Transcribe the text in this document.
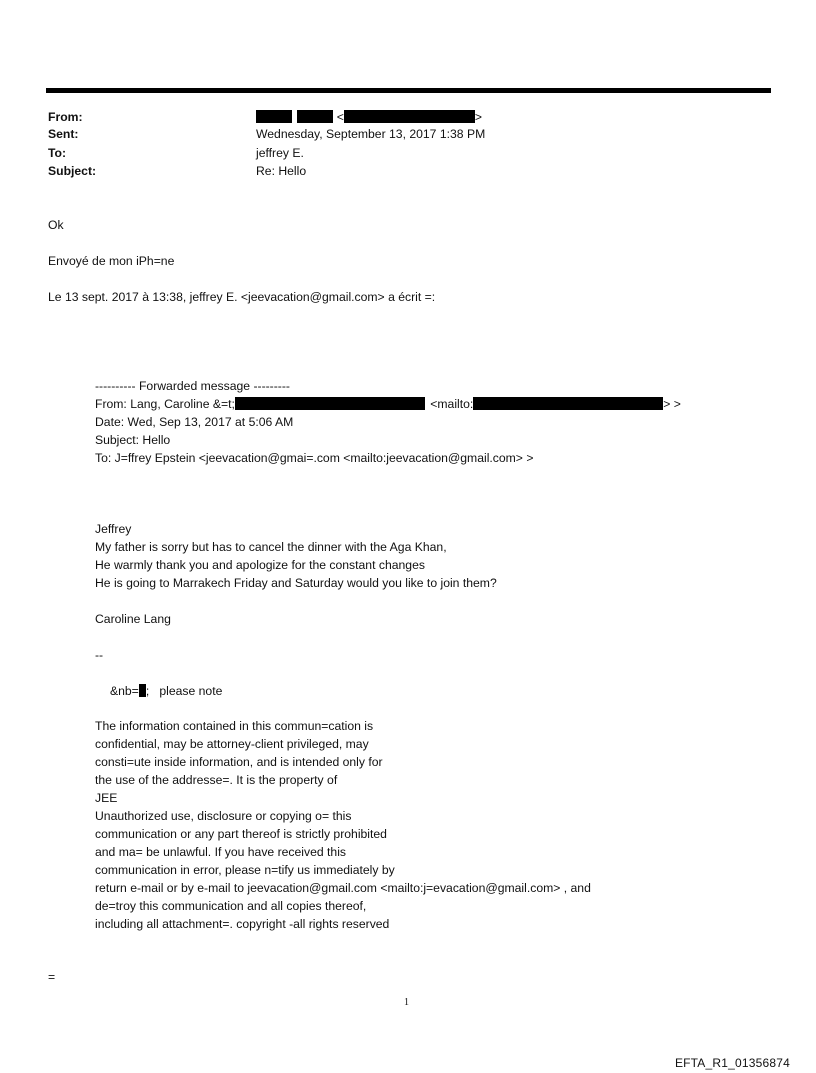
From:	<	>
Sent:	Wednesday, September 13, 2017 1:38 PM
To:	jeffrey E.
Subject:	Re: Hello
Ok
Envoyé de mon iPh=ne
Le 13 sept. 2017 à 13:38, jeffrey E. <jeevacation@gmail.com> a écrit =:
---------- Forwarded message ---------
From: Lang, Caroline &=t;	<mailto:	> >
Date: Wed, Sep 13, 2017 at 5:06 AM
Subject: Hello
To: J=ffrey Epstein <jeevacation@gmai=.com <mailto:jeevacation@gmail.com> >
Jeffrey
My father is sorry but has to cancel the dinner with the Aga Khan,
He warmly thank you and apologize for the constant changes
He is going to Marrakech Friday and Saturday would you like to join them?
Caroline Lang
--
&nb= ;   please note
The information contained in this commun=cation is
confidential, may be attorney-client privileged, may
consti=ute inside information, and is intended only for
the use of the addresse=. It is the property of
JEE
Unauthorized use, disclosure or copying o= this
communication or any part thereof is strictly prohibited
and ma= be unlawful. If you have received this
communication in error, please n=tify us immediately by
return e-mail or by e-mail to jeevacation@gmail.com <mailto:j=evacation@gmail.com> , and
de=troy this communication and all copies thereof,
including all attachment=. copyright -all rights reserved
=
1
EFTA_R1_01356874
